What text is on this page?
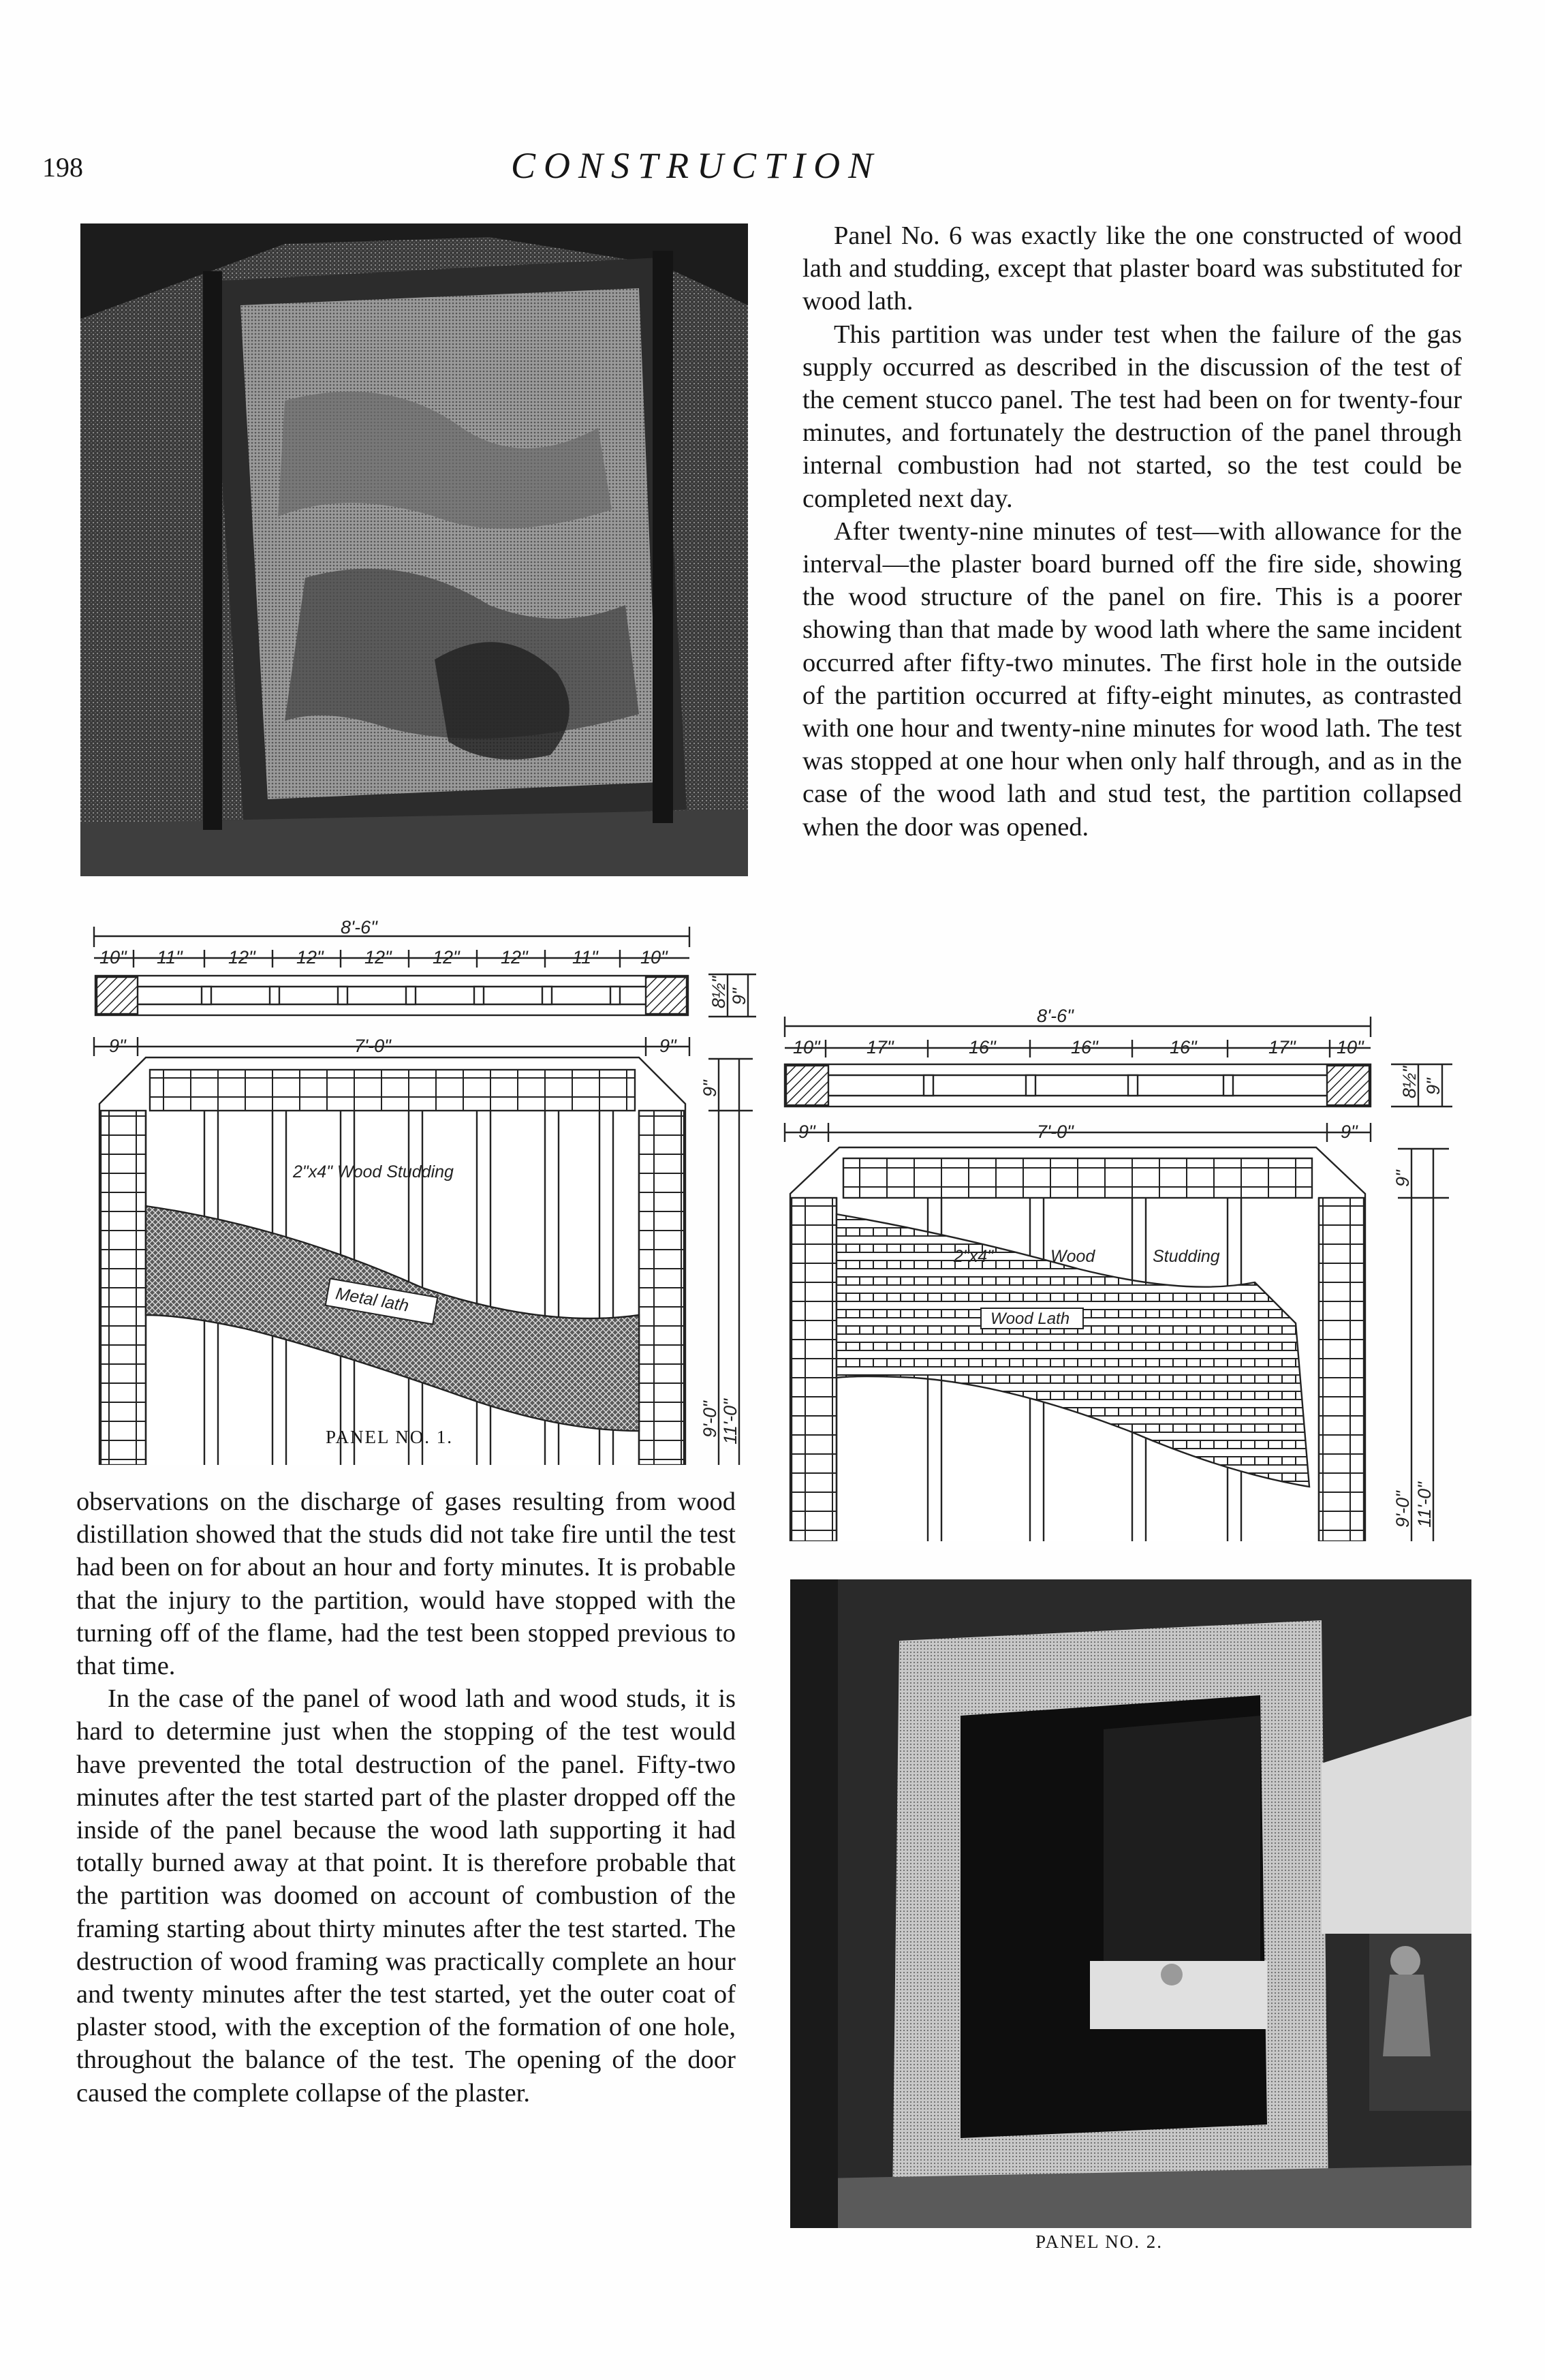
198	CONSTRUCTION
8'-6"
10" 11" 12" 12" 12" 12" 12" 11" 10"
7'-0"
9"	9"
8½" 9"
9"
9'-0" 11'-0"
2"x4" Wood Studding
Metal lath
PANEL NO. 1.

observations on the discharge of gases resulting from wood distillation showed that the studs did not take fire until the test had been on for about an hour and forty minutes. It is probable that the injury to the partition, would have stopped with the turning off of the flame, had the test been stopped previous to that time.

In the case of the panel of wood lath and wood studs, it is hard to determine just when the stopping of the test would have prevented the total destruction of the panel. Fifty-two minutes after the test started part of the plaster dropped off the inside of the panel because the wood lath supporting it had totally burned away at that point. It is therefore probable that the partition was doomed on account of combustion of the framing starting about thirty minutes after the test started. The destruction of wood framing was practically complete an hour and twenty minutes after the test started, yet the outer coat of plaster stood, with the exception of the formation of one hole, throughout the balance of the test. The opening of the door caused the complete collapse of the plaster.

Panel No. 6 was exactly like the one constructed of wood lath and studding, except that plaster board was substituted for wood lath.

This partition was under test when the failure of the gas supply occurred as described in the discussion of the test of the cement stucco panel. The test had been on for twenty-four minutes, and fortunately the destruction of the panel through internal combustion had not started, so the test could be completed next day.

After twenty-nine minutes of test—with allowance for the interval—the plaster board burned off the fire side, showing the wood structure of the panel on fire. This is a poorer showing than that made by wood lath where the same incident occurred after fifty-two minutes. The first hole in the outside of the partition occurred at fifty-eight minutes, as contrasted with one hour and twenty-nine minutes for wood lath. The test was stopped at one hour when only half through, and as in the case of the wood lath and stud test, the partition collapsed when the door was opened.

8'-6"
10"	17"	16"	16"	16"	17" 10"
7'-0"
9"	9"
8½" 9"
9"
9'-0" 11'-0"
2"x4"	Wood	Studding
Wood Lath
PANEL NO. 2.
